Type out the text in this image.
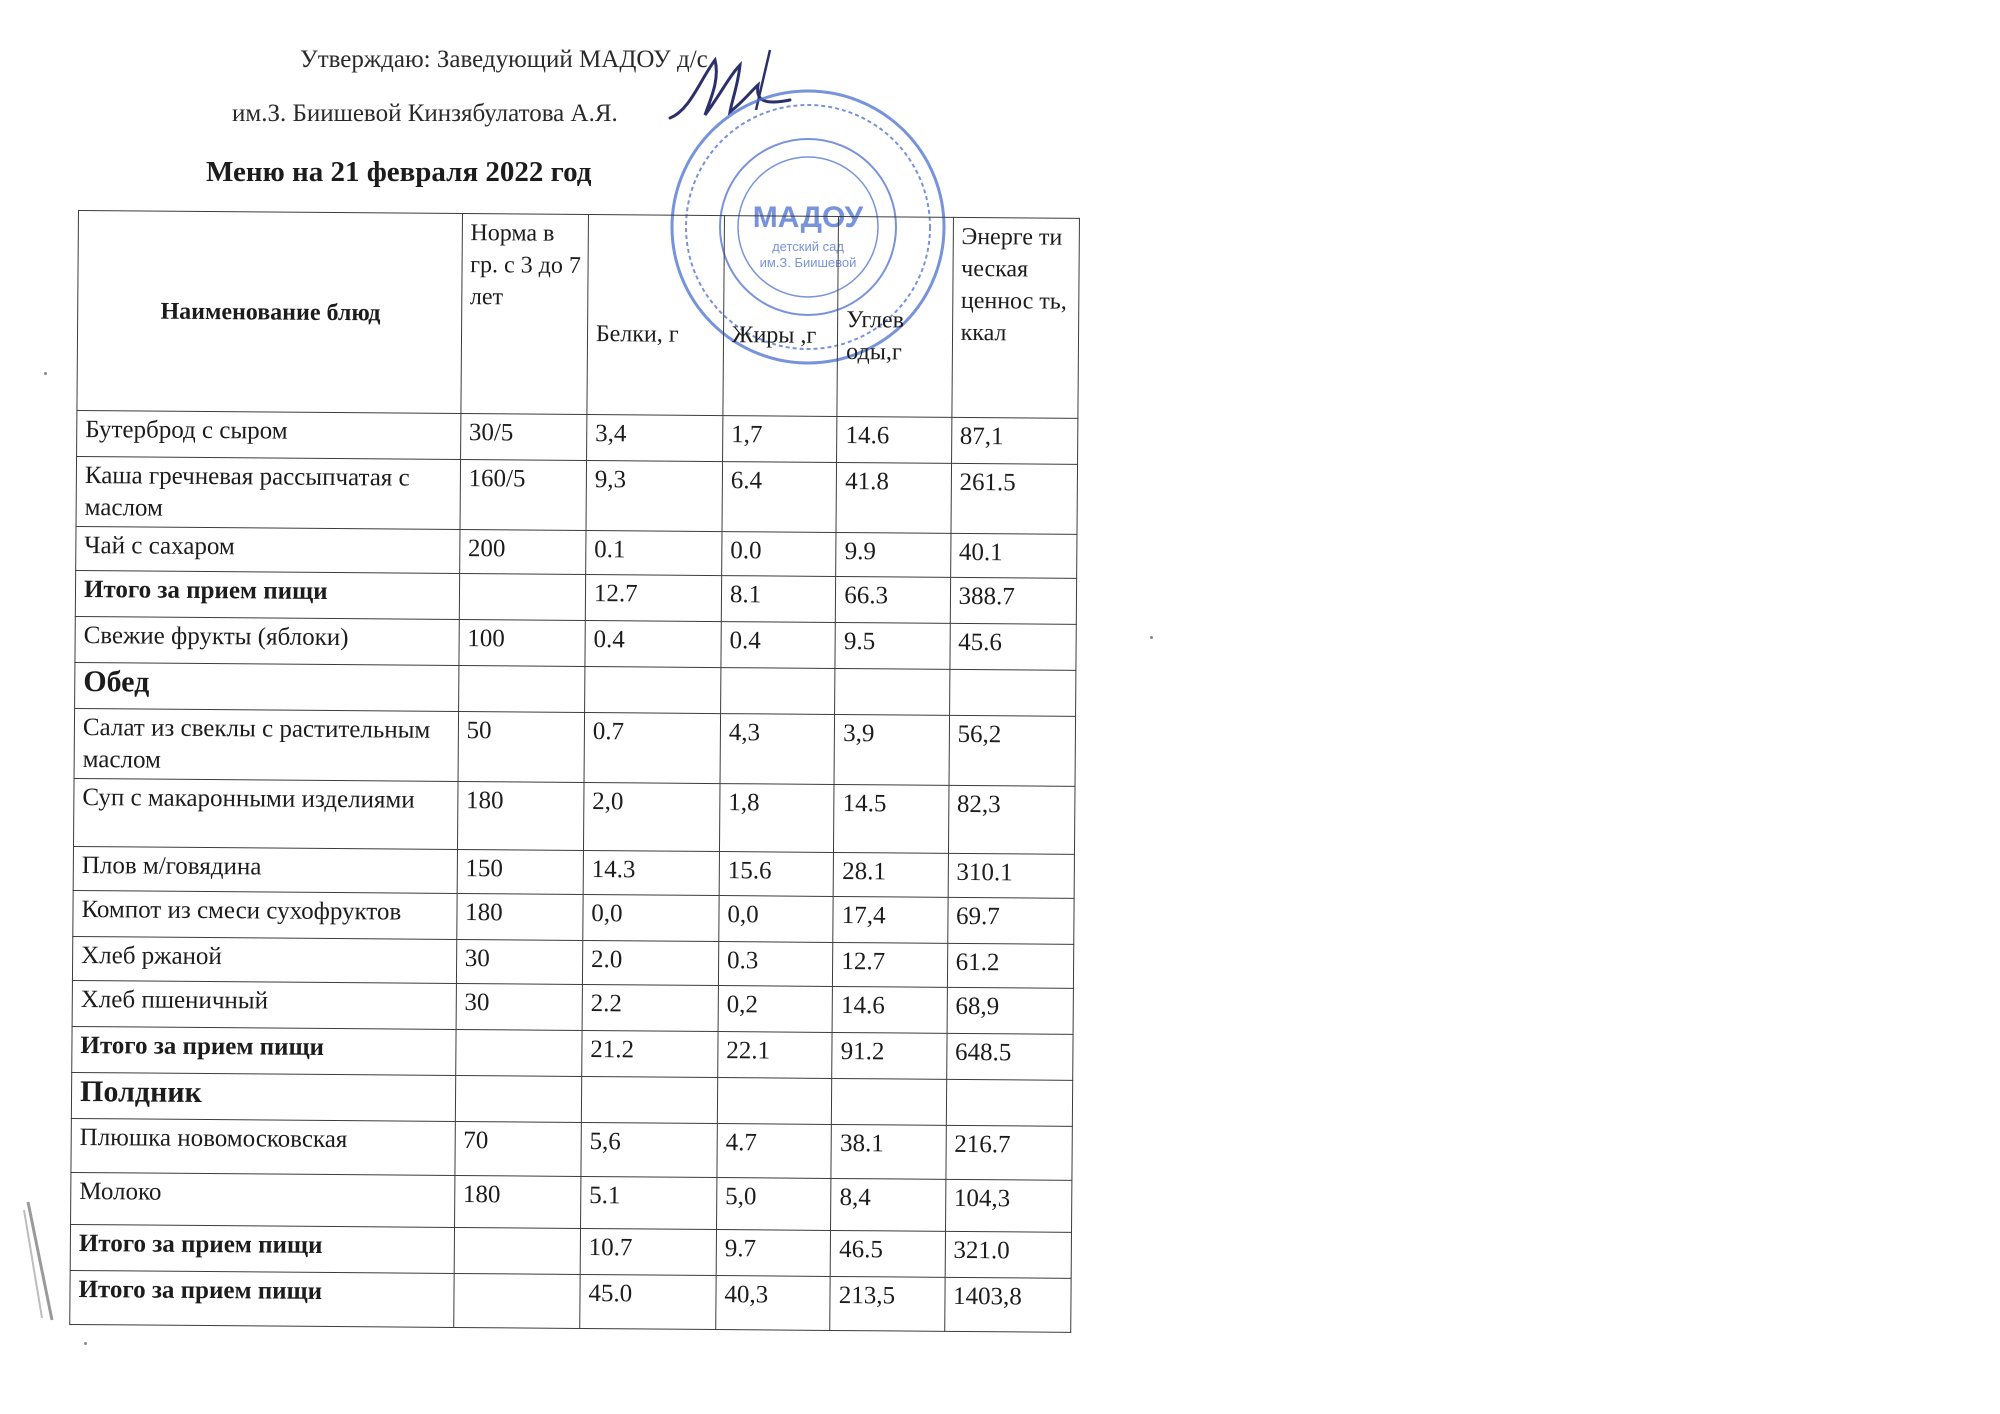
Утверждаю: Заведующий МАДОУ д/с
им.З. Биишевой Кинзябулатова А.Я.
Меню на 21 февраля 2022 год
МАДОУ
детский сад
им.З. Биишевой
Наименование блюд	Норма в гр. с 3 до 7 лет	Белки, г	Жиры ,г	Углев оды,г	Энерге ти ческая ценнос ть, ккал
Бутерброд с сыром	30/5	3,4	1,7	14.6	87,1
Каша гречневая рассыпчатая с маслом	160/5	9,3	6.4	41.8	261.5
Чай с сахаром	200	0.1	0.0	9.9	40.1
Итого за прием пищи		12.7	8.1	66.3	388.7
Свежие фрукты (яблоки)	100	0.4	0.4	9.5	45.6
Обед					
Салат из свеклы с растительным маслом	50	0.7	4,3	3,9	56,2
Суп с макаронными изделиями	180	2,0	1,8	14.5	82,3
Плов м/говядина	150	14.3	15.6	28.1	310.1
Компот из смеси сухофруктов	180	0,0	0,0	17,4	69.7
Хлеб ржаной	30	2.0	0.3	12.7	61.2
Хлеб пшеничный	30	2.2	0,2	14.6	68,9
Итого за прием пищи		21.2	22.1	91.2	648.5
Полдник					
Плюшка новомосковская	70	5,6	4.7	38.1	216.7
Молоко	180	5.1	5,0	8,4	104,3
Итого за прием пищи		10.7	9.7	46.5	321.0
Итого за прием пищи		45.0	40,3	213,5	1403,8
